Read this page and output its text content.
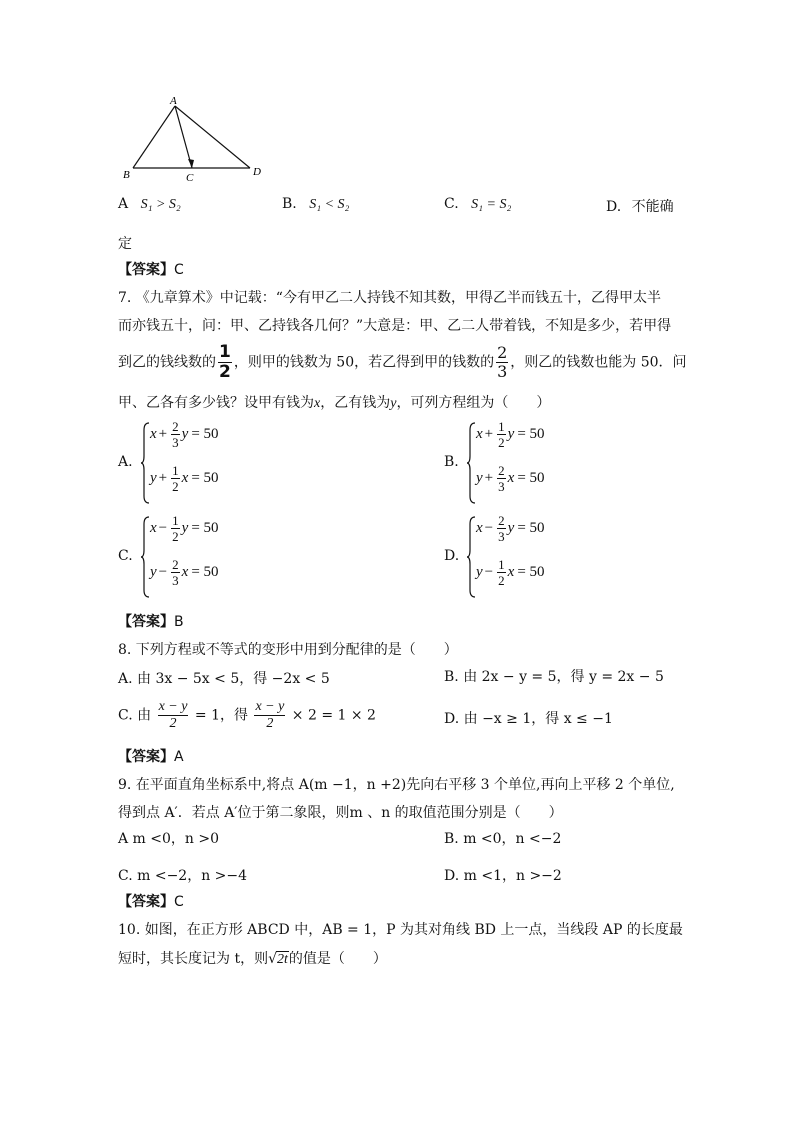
A
B	C	D
A S₁ > S₂	B. S₁ < S₂	C. S₁ = S₂	D. 不能确
定
【答案】C
7. 《九章算术》中记载：“今有甲乙二人持钱不知其数，甲得乙半而钱五十，乙得甲太半
而亦钱五十，问：甲、乙持钱各几何？”大意是：甲、乙二人带着钱，不知是多少，若甲得
到乙的钱线数的 $\frac{1}{2}$ ，则甲的钱数为 50，若乙得到甲的钱数的 $\frac{2}{3}$ ，则乙的钱数也能为 50．问
甲、乙各有多少钱？设甲有钱为x，乙有钱为y，可列方程组为（　　）
A.
$x + \frac{2}{3}$ y = 50
$y + \frac{1}{2}$ x = 50
B.
$x + \frac{1}{2}$ y = 50
$y + \frac{2}{3}$ x = 50
C.
$x - \frac{1}{2}$ y = 50
$y - \frac{2}{3}$ x = 50
D.
$x - \frac{2}{3}$ y = 50
$y - \frac{1}{2}$ x = 50
【答案】B
8. 下列方程或不等式的变形中用到分配律的是（　　）
A. 由 3x − 5x < 5，得 −2x < 5	B. 由 2x − y = 5，得 y = 2x − 5
C. 由 $\frac{x - y}{2} = 1$，得 $\frac{x - y}{2} \times 2 = 1 \times 2$	D. 由 −x ≥ 1，得 x ≤ −1
【答案】A
9. 在平面直角坐标系中,将点 A(m −1，n +2)先向右平移 3 个单位,再向上平移 2 个单位,
得到点 A′．若点 A′位于第二象限，则m 、n 的取值范围分别是（　　）
A m <0，n >0	B. m <0，n <−2
C. m <−2，n >−4	D. m <1，n >−2
【答案】C
10. 如图，在正方形 ABCD 中，AB = 1，P 为其对角线 BD 上一点，当线段 AP 的长度最
短时，其长度记为 t，则√2t的值是（　　）
